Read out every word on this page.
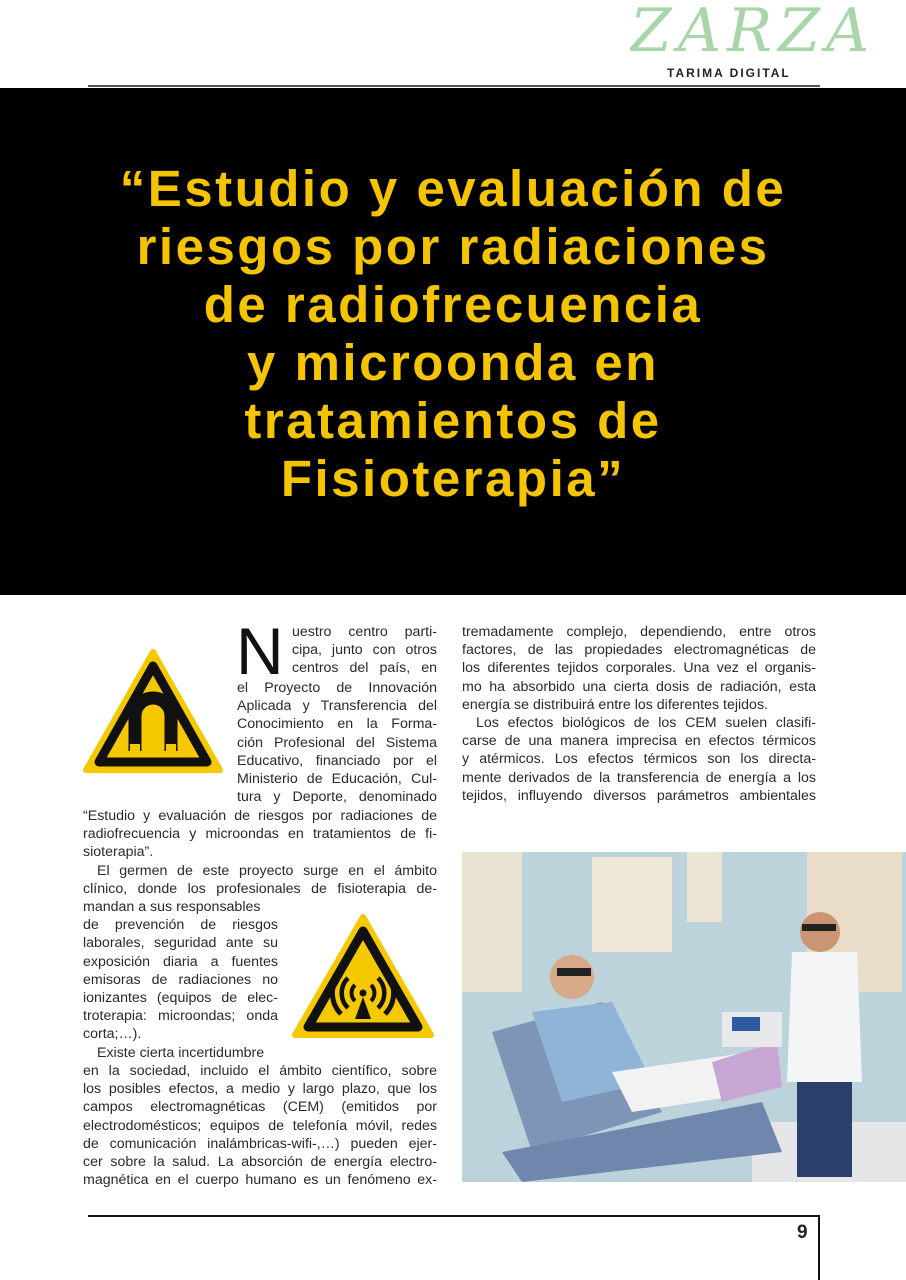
ZARZA
TARIMA DIGITAL
“Estudio y evaluación de
riesgos por radiaciones
de radiofrecuencia
y microonda en
tratamientos de
Fisioterapia”
N uestro centro parti-
cipa, junto con otros
centros del país, en
el Proyecto de Innovación
Aplicada y Transferencia del
Conocimiento en la Forma-
ción Profesional del Sistema
Educativo, financiado por el
Ministerio de Educación, Cul-
tura y Deporte, denominado
“Estudio y evaluación de riesgos por radiaciones de
radiofrecuencia y microondas en tratamientos de fi-
sioterapia”.
El germen de este proyecto surge en el ámbito
clínico, donde los profesionales de fisioterapia de-
mandan a sus responsables
de prevención de riesgos
laborales, seguridad ante su
exposición diaria a fuentes
emisoras de radiaciones no
ionizantes (equipos de elec-
troterapia: microondas; onda
corta;…).
Existe cierta incertidumbre
en la sociedad, incluido el ámbito científico, sobre
los posibles efectos, a medio y largo plazo, que los
campos electromagnéticas (CEM) (emitidos por
electrodomésticos; equipos de telefonía móvil, redes
de comunicación inalámbricas-wifi-,…) pueden ejer-
cer sobre la salud. La absorción de energía electro-
magnética en el cuerpo humano es un fenómeno ex-
tremadamente complejo, dependiendo, entre otros
factores, de las propiedades electromagnéticas de
los diferentes tejidos corporales. Una vez el organis-
mo ha absorbido una cierta dosis de radiación, esta
energía se distribuirá entre los diferentes tejidos.
Los efectos biológicos de los CEM suelen clasifi-
carse de una manera imprecisa en efectos térmicos
y atérmicos. Los efectos térmicos son los directa-
mente derivados de la transferencia de energía a los
tejidos, influyendo diversos parámetros ambientales
9
